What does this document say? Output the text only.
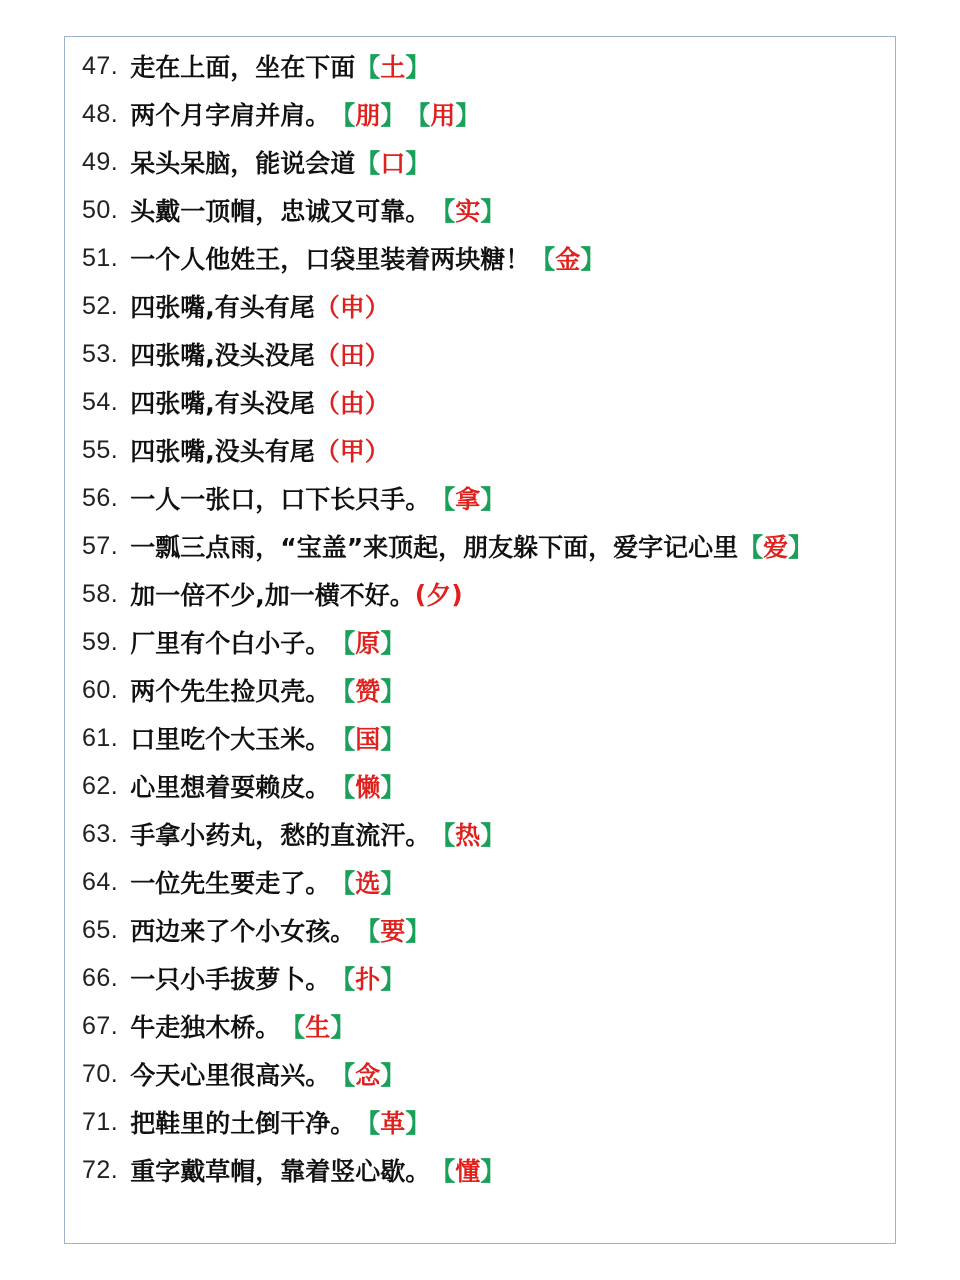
47. 走在上面，坐在下面 【 土 】
48. 两个月字肩并肩。 【 朋 】 【 用 】
49. 呆头呆脑，能说会道 【 口 】
50. 头戴一顶帽，忠诚又可靠。 【 实 】
51. 一个人他姓王，口袋里装着两块糖！ 【 金 】
52. 四张嘴,有头有尾 （ 申 ）
53. 四张嘴,没头没尾 （ 田 ）
54. 四张嘴,有头没尾 （ 由 ）
55. 四张嘴,没头有尾 （ 甲 ）
56. 一人一张口，口下长只手。 【 拿 】
57. 一瓢三点雨，“宝盖”来顶起，朋友躲下面，爱字记心里 【 爱 】
58. 加一倍不少,加一横不好。 ( 夕 )
59. 厂里有个白小子。 【 原 】
60. 两个先生捡贝壳。 【 赞 】
61. 口里吃个大玉米。 【 国 】
62. 心里想着耍赖皮。 【 懒 】
63. 手拿小药丸，愁的直流汗。 【 热 】
64. 一位先生要走了。 【 选 】
65. 西边来了个小女孩。 【 要 】
66. 一只小手拔萝卜。 【 扑 】
67. 牛走独木桥。 【 生 】
70. 今天心里很高兴。 【 念 】
71. 把鞋里的土倒干净。 【 革 】
72. 重字戴草帽，靠着竖心歇。 【 懂 】
